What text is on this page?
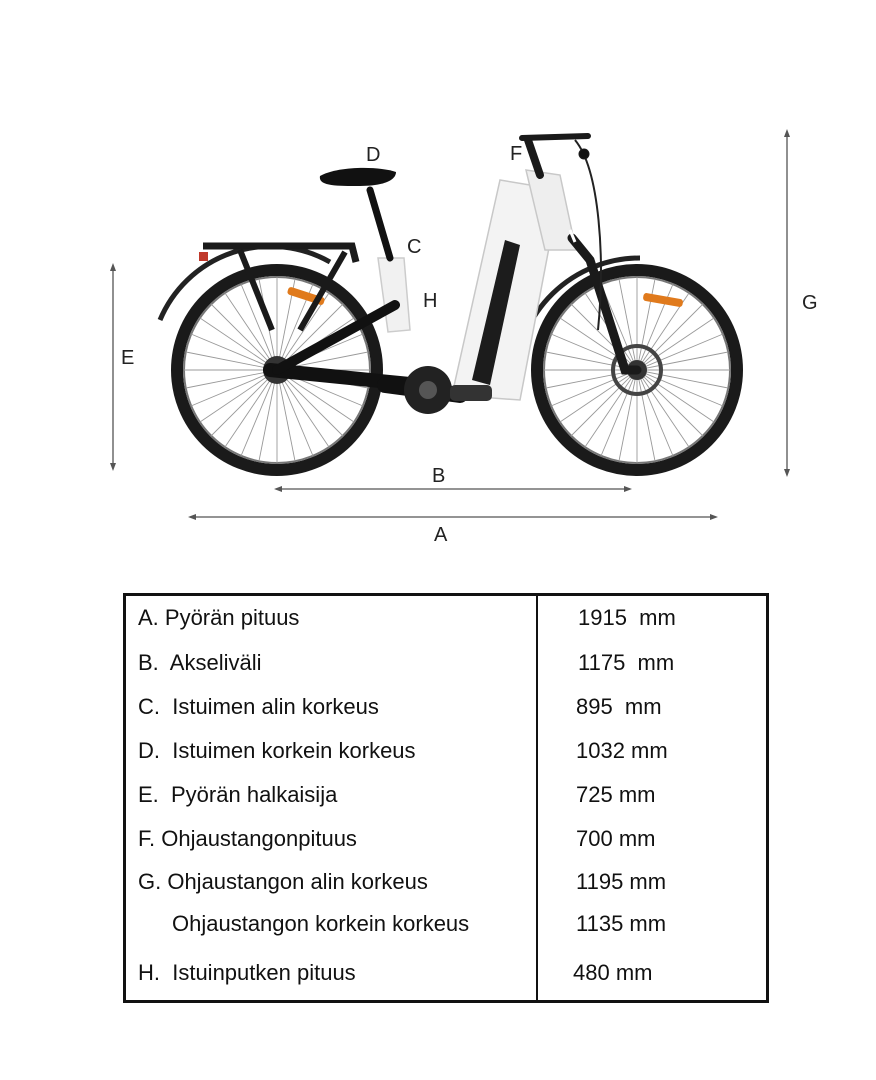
D	F
C
H
E
G
B
A
A. Pyörän pituus	1915  mm
B.  Akseliväli	1175  mm
C.  Istuimen alin korkeus	895  mm
D.  Istuimen korkein korkeus	1032 mm
E.  Pyörän halkaisija	725 mm
F. Ohjaustangonpituus	700 mm
G. Ohjaustangon alin korkeus	1195 mm
Ohjaustangon korkein korkeus	1135 mm
H.  Istuinputken pituus	480 mm
